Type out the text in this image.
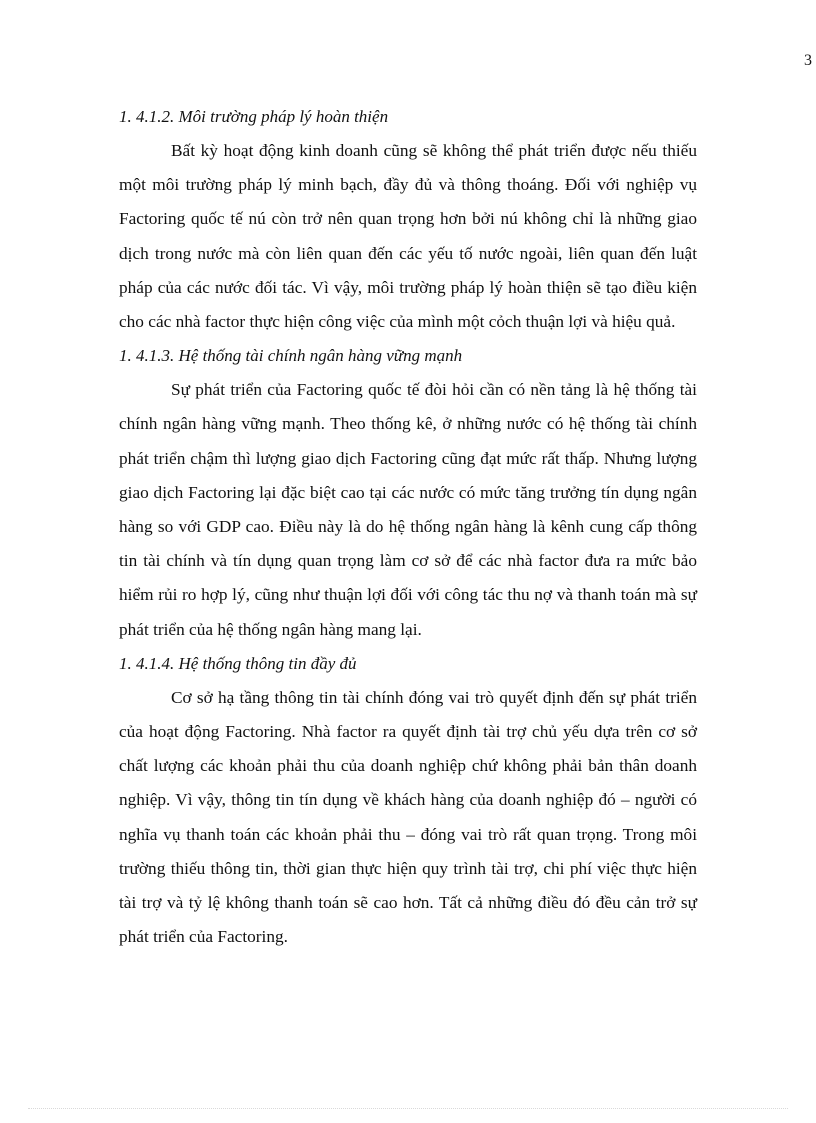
3
1. 4.1.2. Môi trường pháp lý hoàn thiện

Bất kỳ hoạt động kinh doanh cũng sẽ không thể phát triển được nếu thiếu một môi trường pháp lý minh bạch, đầy đủ và thông thoáng. Đối với nghiệp vụ Factoring quốc tế nú còn trở nên quan trọng hơn bởi nú không chỉ là những giao dịch trong nước mà còn liên quan đến các yếu tố nước ngoài, liên quan đến luật pháp của các nước đối tác. Vì vậy, môi trường pháp lý hoàn thiện sẽ tạo điều kiện cho các nhà factor thực hiện công việc của mình một cỏch thuận lợi và hiệu quả.

1. 4.1.3. Hệ thống tài chính ngân hàng vững mạnh

Sự phát triển của Factoring quốc tế đòi hỏi cần có nền tảng là hệ thống tài chính ngân hàng vững mạnh. Theo thống kê, ở những nước có hệ thống tài chính phát triển chậm thì lượng giao dịch Factoring cũng đạt mức rất thấp. Nhưng lượng giao dịch Factoring lại đặc biệt cao tại các nước có mức tăng trưởng tín dụng ngân hàng so với GDP cao. Điều này là do hệ thống ngân hàng là kênh cung cấp thông tin tài chính và tín dụng quan trọng làm cơ sở để các nhà factor đưa ra mức bảo hiểm rủi ro hợp lý, cũng như thuận lợi đối với công tác thu nợ và thanh toán mà sự phát triển của hệ thống ngân hàng mang lại.

1. 4.1.4. Hệ thống thông tin đầy đủ

Cơ sở hạ tầng thông tin tài chính đóng vai trò quyết định đến sự phát triển của hoạt động Factoring. Nhà factor ra quyết định tài trợ chủ yếu dựa trên cơ sở chất lượng các khoản phải thu của doanh nghiệp chứ không phải bản thân doanh nghiệp. Vì vậy, thông tin tín dụng về khách hàng của doanh nghiệp đó – người có nghĩa vụ thanh toán các khoản phải thu – đóng vai trò rất quan trọng. Trong môi trường thiếu thông tin, thời gian thực hiện quy trình tài trợ, chi phí việc thực hiện tài trợ và tỷ lệ không thanh toán sẽ cao hơn. Tất cả những điều đó đều cản trở sự phát triển của Factoring.
